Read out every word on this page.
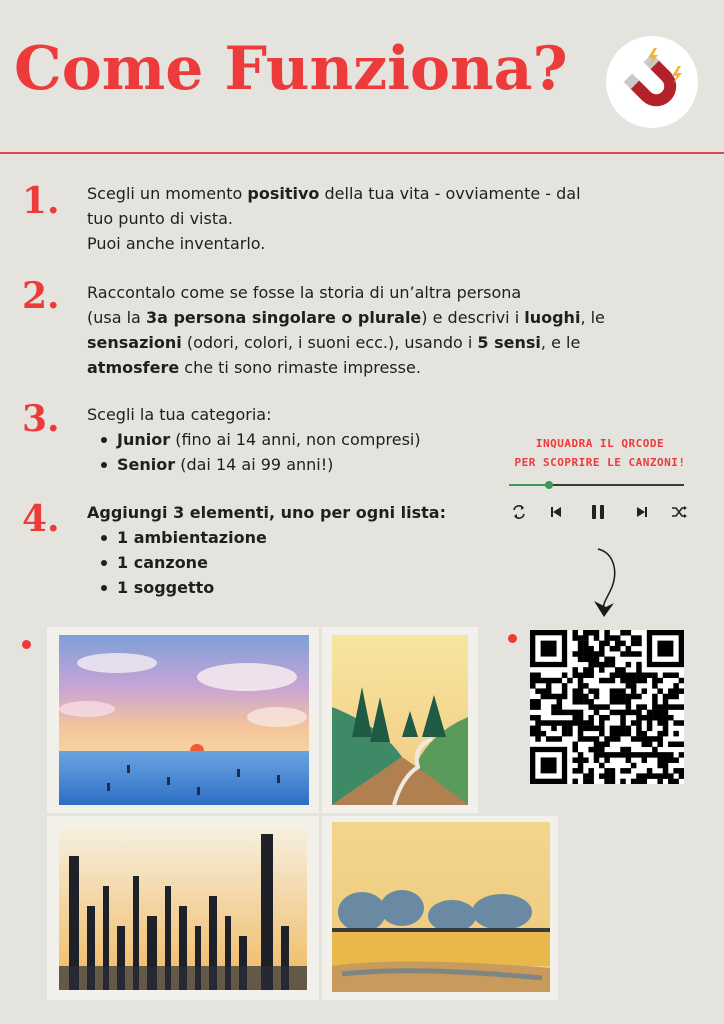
Come Funziona?
1. Scegli un momento positivo della tua vita - ovviamente - dal
tuo punto di vista.
Puoi anche inventarlo.
2. Raccontalo come se fosse la storia di un’altra persona
(usa la 3a persona singolare o plurale) e descrivi i luoghi, le
sensazioni (odori, colori, i suoni ecc.), usando i 5 sensi, e le
atmosfere che ti sono rimaste impresse.
3. Scegli la tua categoria:
Junior (fino ai 14 anni, non compresi)
Senior (dai 14 ai 99 anni!)
4. Aggiungi 3 elementi, uno per ogni lista:
1 ambientazione
1 canzone
1 soggetto
INQUADRA IL QRCODE
PER SCOPRIRE LE CANZONI!
